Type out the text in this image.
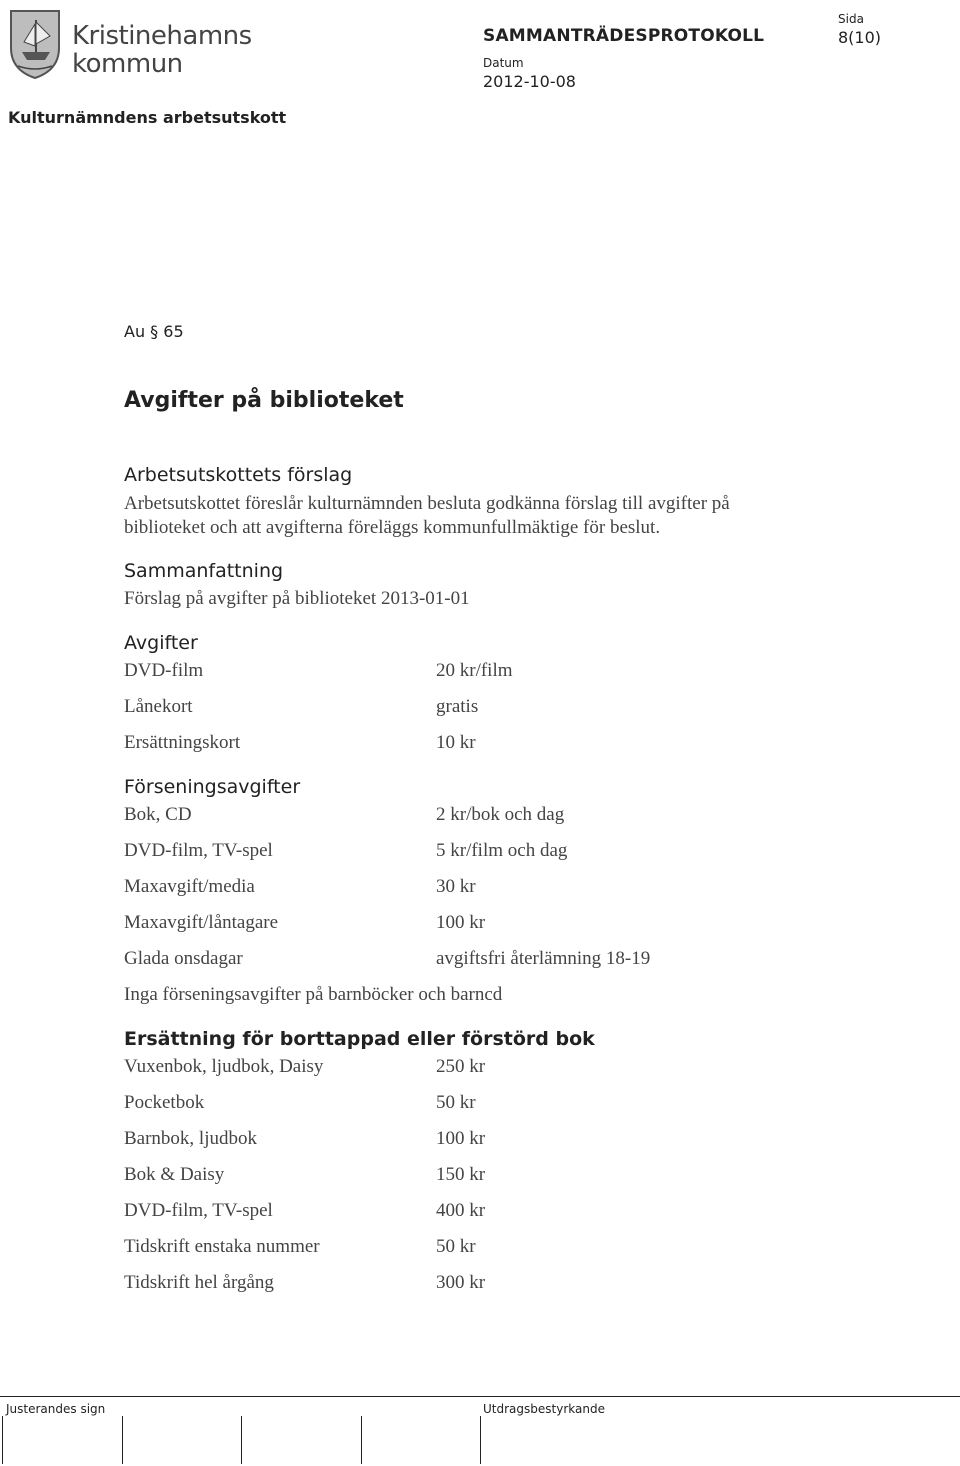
Kristinehamns
kommun
SAMMANTRÄDESPROTOKOLL
Sida
8(10)
Datum
2012-10-08
Kulturnämndens arbetsutskott
Au § 65
Avgifter på biblioteket
Arbetsutskottets förslag
Arbetsutskottet föreslår kulturnämnden besluta godkänna förslag till avgifter på
biblioteket och att avgifterna föreläggs kommunfullmäktige för beslut.
Sammanfattning
Förslag på avgifter på biblioteket 2013-01-01
Avgifter
DVD-film	20 kr/film
Lånekort	gratis
Ersättningskort	10 kr
Förseningsavgifter
Bok, CD	2 kr/bok och dag
DVD-film, TV-spel	5 kr/film och dag
Maxavgift/media	30 kr
Maxavgift/låntagare	100 kr
Glada onsdagar	avgiftsfri återlämning 18-19
Inga förseningsavgifter på barnböcker och barncd
Ersättning för borttappad eller förstörd bok
Vuxenbok, ljudbok, Daisy	250 kr
Pocketbok	50 kr
Barnbok, ljudbok	100 kr
Bok & Daisy	150 kr
DVD-film, TV-spel	400 kr
Tidskrift enstaka nummer	50 kr
Tidskrift hel årgång	300 kr
Justerandes sign	Utdragsbestyrkande
